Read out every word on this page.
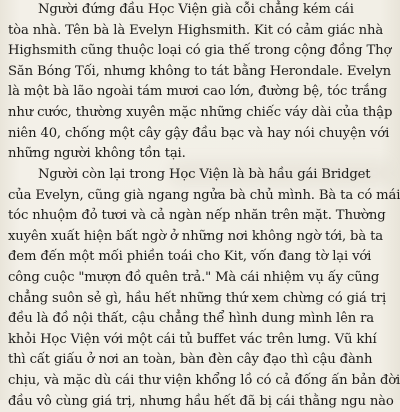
Người đứng đầu Học Viện già cỗi chẳng kém cái
tòa nhà. Tên bà là Evelyn Highsmith. Kit có cảm giác nhà
Highsmith cũng thuộc loại có gia thế trong cộng đồng Thợ
Săn Bóng Tối, nhưng không to tát bằng Herondale. Evelyn
là một bà lão ngoài tám mươi cao lớn, đường bệ, tóc trắng
như cước, thường xuyên mặc những chiếc váy dài của thập
niên 40, chống một cây gậy đầu bạc và hay nói chuyện với
những người không tồn tại.
Người còn lại trong Học Viện là bà hầu gái Bridget
của Evelyn, cũng già ngang ngửa bà chủ mình. Bà ta có mái
tóc nhuộm đỏ tươi và cả ngàn nếp nhăn trên mặt. Thường
xuyên xuất hiện bất ngờ ở những nơi không ngờ tới, bà ta
đem đến một mối phiền toái cho Kit, vốn đang tờ lại với
công cuộc "mượn đồ quên trả." Mà cái nhiệm vụ ấy cũng
chẳng suôn sẻ gì, hầu hết những thứ xem chừng có giá trị
đều là đồ nội thất, cậu chẳng thể hình dung mình lên ra
khỏi Học Viện với một cái tủ buffet vác trên lưng. Vũ khí
thì cất giấu ở nơi an toàn, bàn đèn cây đạo thì cậu đành
chịu, và mặc dù cái thư viện khổng lồ có cả đống ấn bản đời
đầu vô cùng giá trị, nhưng hầu hết đã bị cái thằng ngu nào
